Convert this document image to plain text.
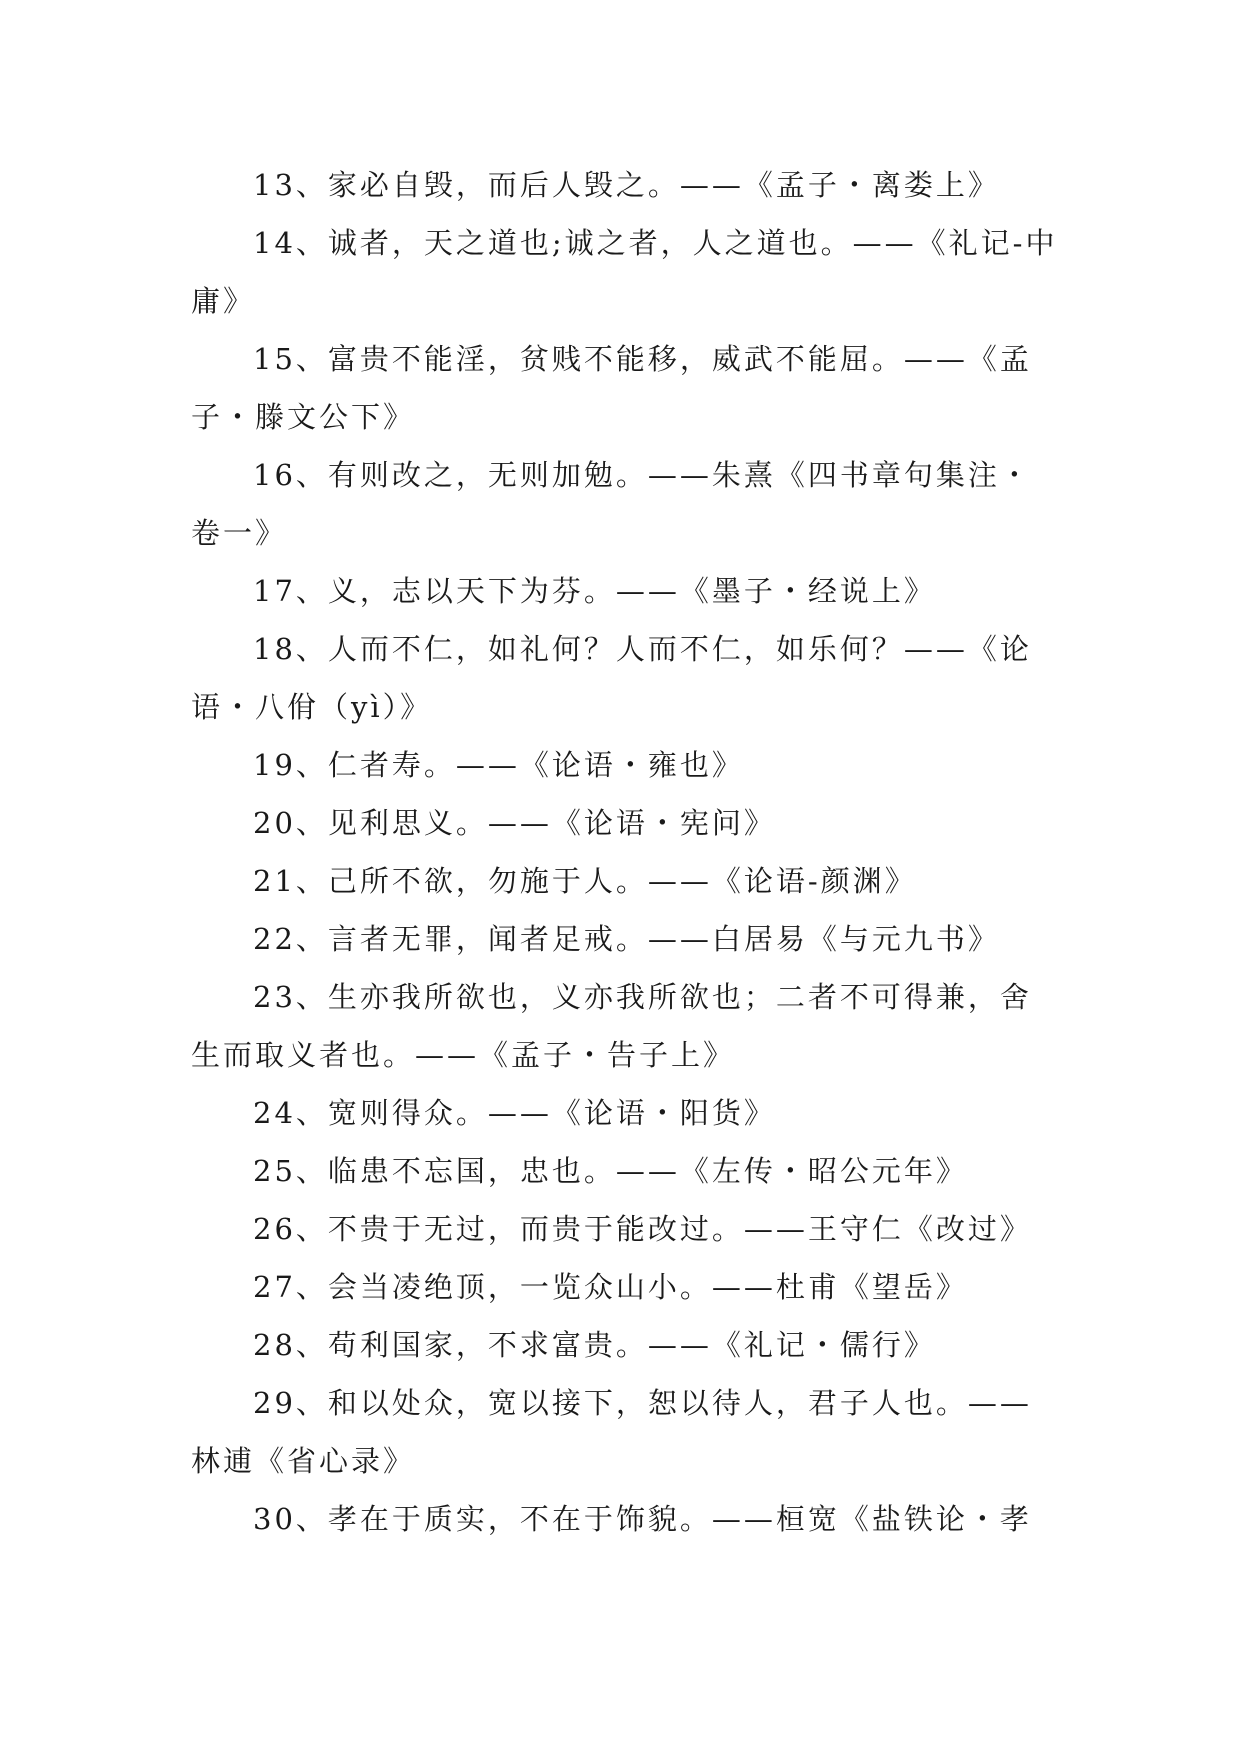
13、家必自毁，而后人毁之。——《孟子・离娄上》

14、诚者，天之道也;诚之者，人之道也。——《礼记-中庸》

15、富贵不能淫，贫贱不能移，威武不能屈。——《孟子・滕文公下》

16、有则改之，无则加勉。——朱熹《四书章句集注・卷一》

17、义，志以天下为芬。——《墨子・经说上》

18、人而不仁，如礼何？人而不仁，如乐何？——《论语・八佾（yì）》

19、仁者寿。——《论语・雍也》

20、见利思义。——《论语・宪问》

21、己所不欲，勿施于人。——《论语-颜渊》

22、言者无罪，闻者足戒。——白居易《与元九书》

23、生亦我所欲也，义亦我所欲也；二者不可得兼，舍生而取义者也。——《孟子・告子上》

24、宽则得众。——《论语・阳货》

25、临患不忘国，忠也。——《左传・昭公元年》

26、不贵于无过，而贵于能改过。——王守仁《改过》

27、会当凌绝顶，一览众山小。——杜甫《望岳》

28、苟利国家，不求富贵。——《礼记・儒行》

29、和以处众，宽以接下，恕以待人，君子人也。——林逋《省心录》

30、孝在于质实，不在于饰貌。——桓宽《盐铁论・孝
